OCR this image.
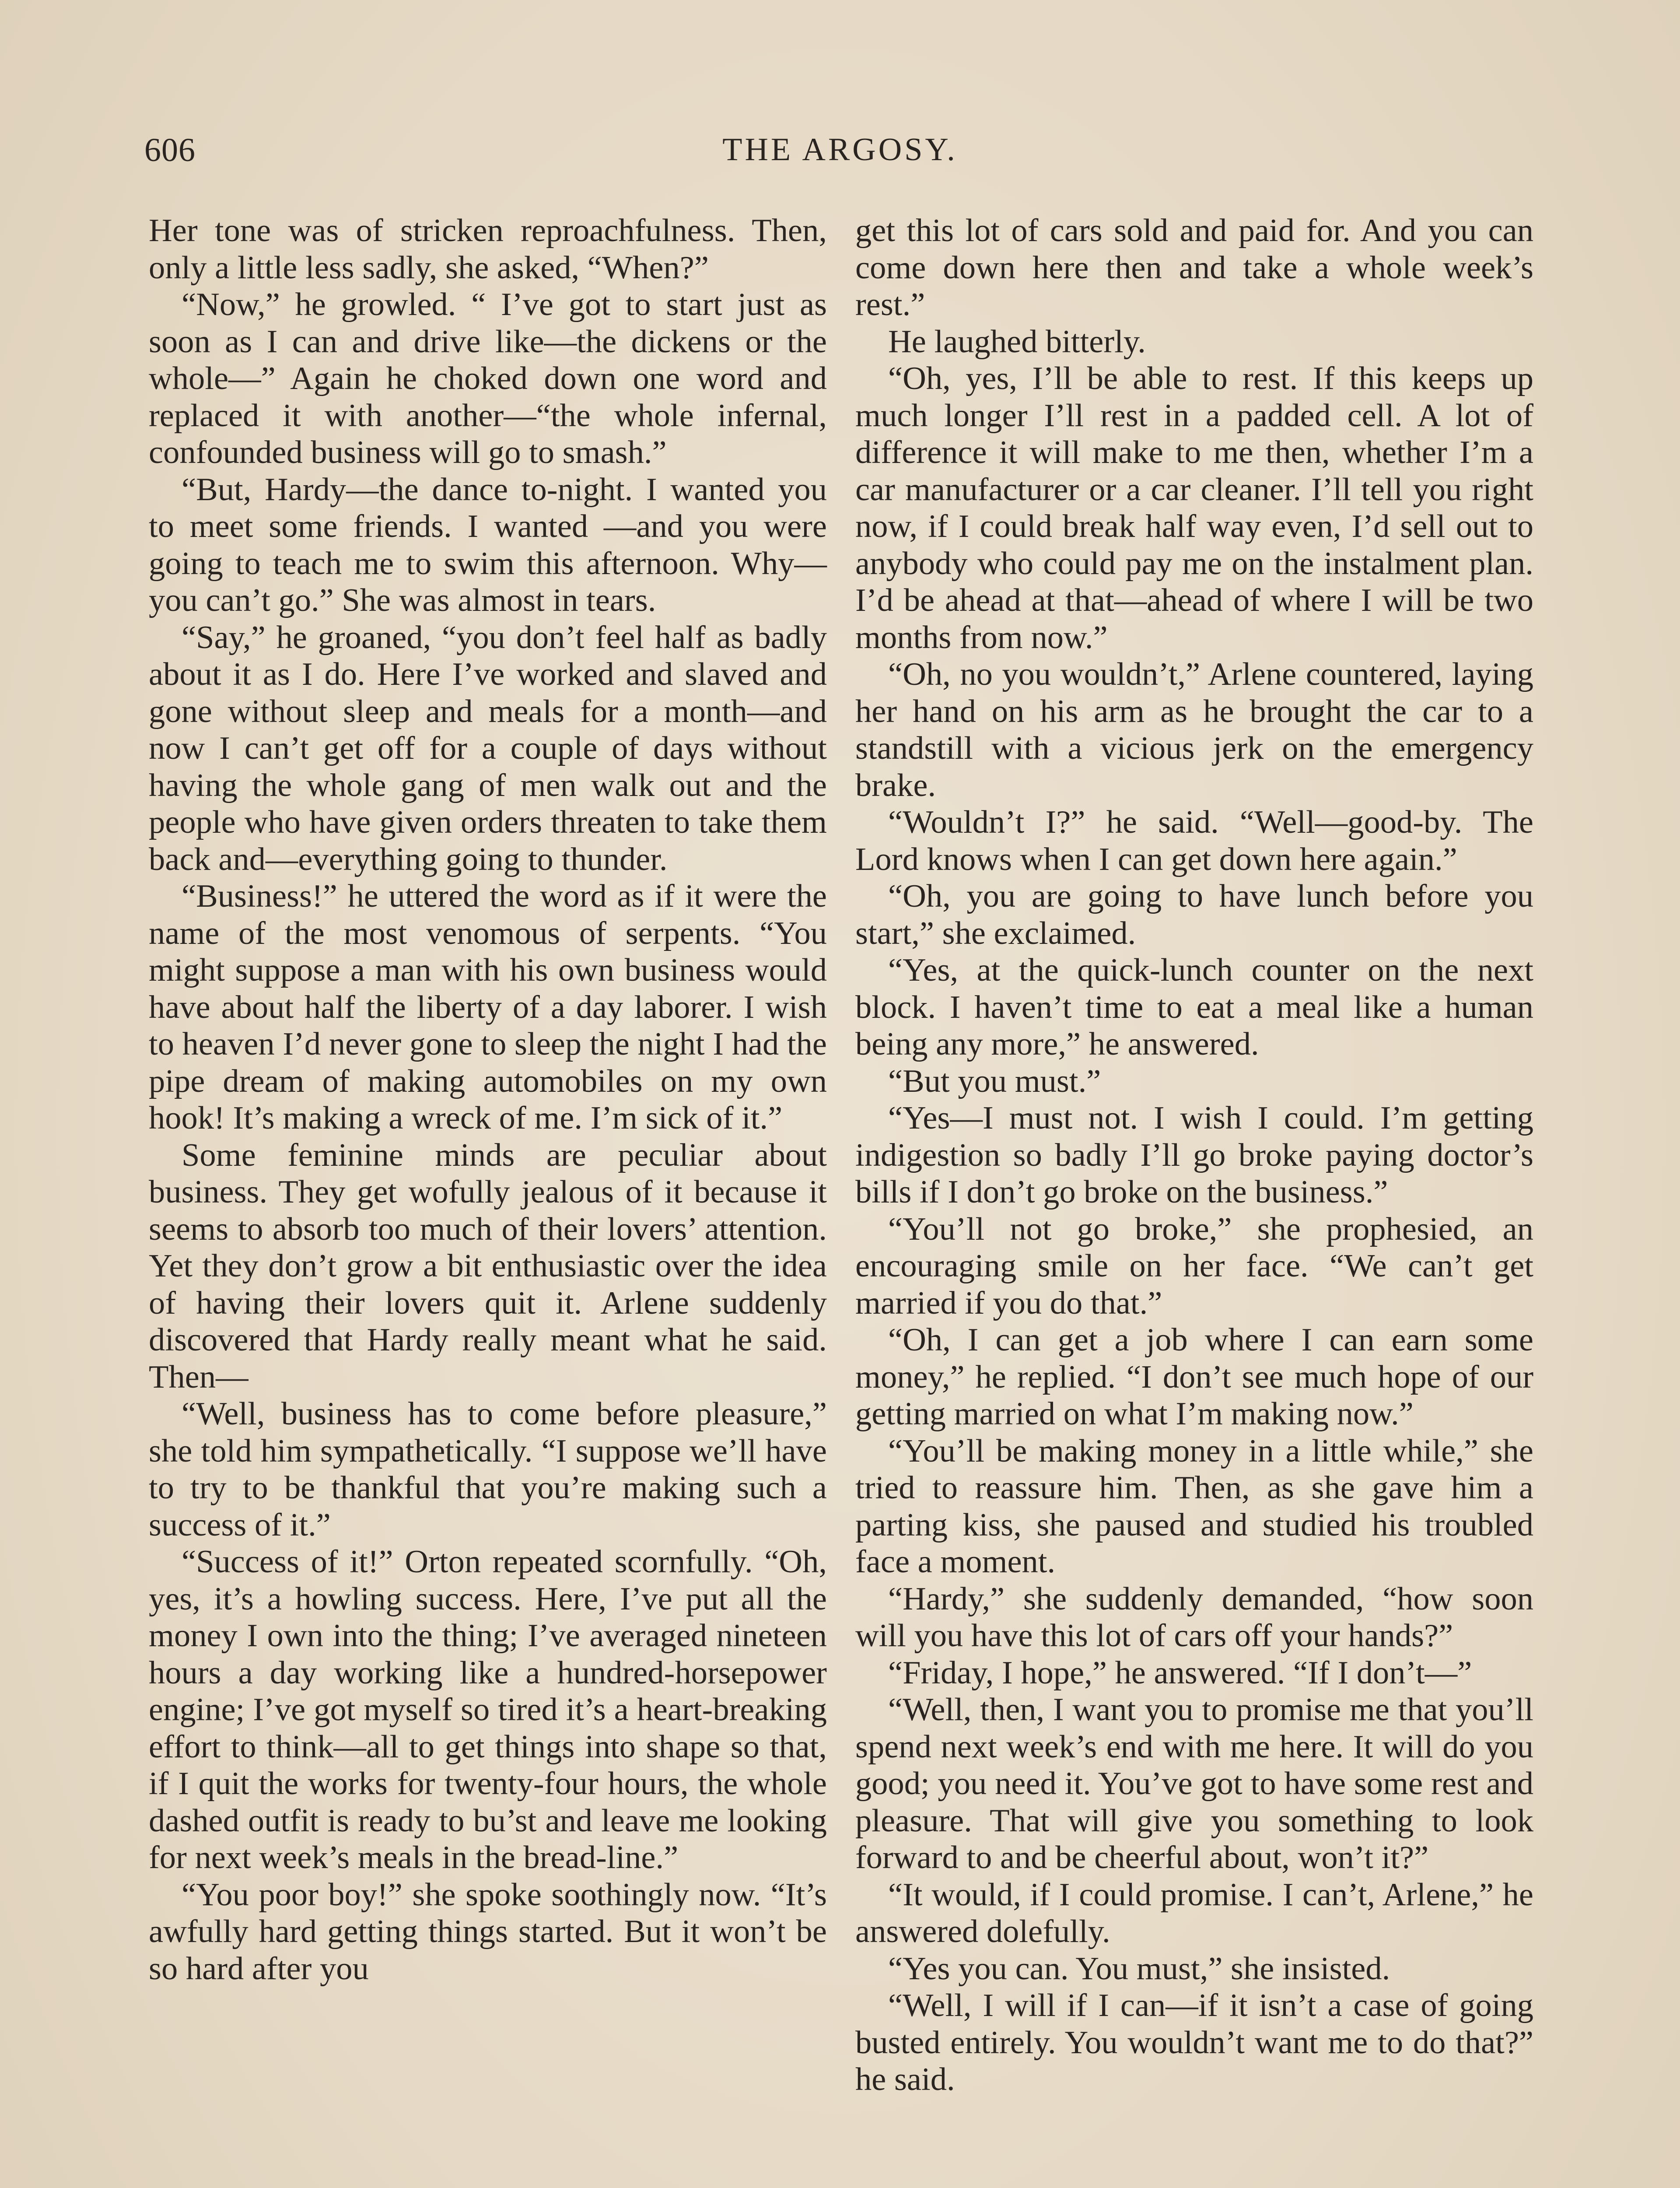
606	THE ARGOSY.

Her tone was of stricken reproachfulness. Then, only a little less sadly, she asked, “When?”

“Now,” he growled. “ I’ve got to start just as soon as I can and drive like—the dickens or the whole—” Again he choked down one word and replaced it with another—“the whole infernal, confounded business will go to smash.”

“But, Hardy—the dance to-night. I wanted you to meet some friends. I wanted —and you were going to teach me to swim this afternoon. Why—you can’t go.” She was almost in tears.

“Say,” he groaned, “you don’t feel half as badly about it as I do. Here I’ve worked and slaved and gone without sleep and meals for a month—and now I can’t get off for a couple of days without having the whole gang of men walk out and the people who have given orders threaten to take them back and—everything going to thunder.

“Business!” he uttered the word as if it were the name of the most venomous of serpents. “You might suppose a man with his own business would have about half the liberty of a day laborer. I wish to heaven I’d never gone to sleep the night I had the pipe dream of making automobiles on my own hook! It’s making a wreck of me. I’m sick of it.”

Some feminine minds are peculiar about business. They get wofully jealous of it because it seems to absorb too much of their lovers’ attention. Yet they don’t grow a bit enthusiastic over the idea of having their lovers quit it. Arlene suddenly discovered that Hardy really meant what he said. Then—

“Well, business has to come before pleasure,” she told him sympathetically. “I suppose we’ll have to try to be thankful that you’re making such a success of it.”

“Success of it!” Orton repeated scornfully. “Oh, yes, it’s a howling success. Here, I’ve put all the money I own into the thing; I’ve averaged nineteen hours a day working like a hundred-horsepower engine; I’ve got myself so tired it’s a heart-breaking effort to think—all to get things into shape so that, if I quit the works for twenty-four hours, the whole dashed outfit is ready to bu’st and leave me looking for next week’s meals in the bread-line.”

“You poor boy!” she spoke soothingly now. “It’s awfully hard getting things started. But it won’t be so hard after you

get this lot of cars sold and paid for. And you can come down here then and take a whole week’s rest.”

He laughed bitterly.

“Oh, yes, I’ll be able to rest. If this keeps up much longer I’ll rest in a padded cell. A lot of difference it will make to me then, whether I’m a car manufacturer or a car cleaner. I’ll tell you right now, if I could break half way even, I’d sell out to anybody who could pay me on the instalment plan. I’d be ahead at that—ahead of where I will be two months from now.”

“Oh, no you wouldn’t,” Arlene countered, laying her hand on his arm as he brought the car to a standstill with a vicious jerk on the emergency brake.

“Wouldn’t I?” he said. “Well—good-by. The Lord knows when I can get down here again.”

“Oh, you are going to have lunch before you start,” she exclaimed.

“Yes, at the quick-lunch counter on the next block. I haven’t time to eat a meal like a human being any more,” he answered.

“But you must.”

“Yes—I must not. I wish I could. I’m getting indigestion so badly I’ll go broke paying doctor’s bills if I don’t go broke on the business.”

“You’ll not go broke,” she prophesied, an encouraging smile on her face. “We can’t get married if you do that.”

“Oh, I can get a job where I can earn some money,” he replied. “I don’t see much hope of our getting married on what I’m making now.”

“You’ll be making money in a little while,” she tried to reassure him. Then, as she gave him a parting kiss, she paused and studied his troubled face a moment.

“Hardy,” she suddenly demanded, “how soon will you have this lot of cars off your hands?”

“Friday, I hope,” he answered. “If I don’t—”

“Well, then, I want you to promise me that you’ll spend next week’s end with me here. It will do you good; you need it. You’ve got to have some rest and pleasure. That will give you something to look forward to and be cheerful about, won’t it?”

“It would, if I could promise. I can’t, Arlene,” he answered dolefully.

“Yes you can. You must,” she insisted.

“Well, I will if I can—if it isn’t a case of going busted entirely. You wouldn’t want me to do that?” he said.
